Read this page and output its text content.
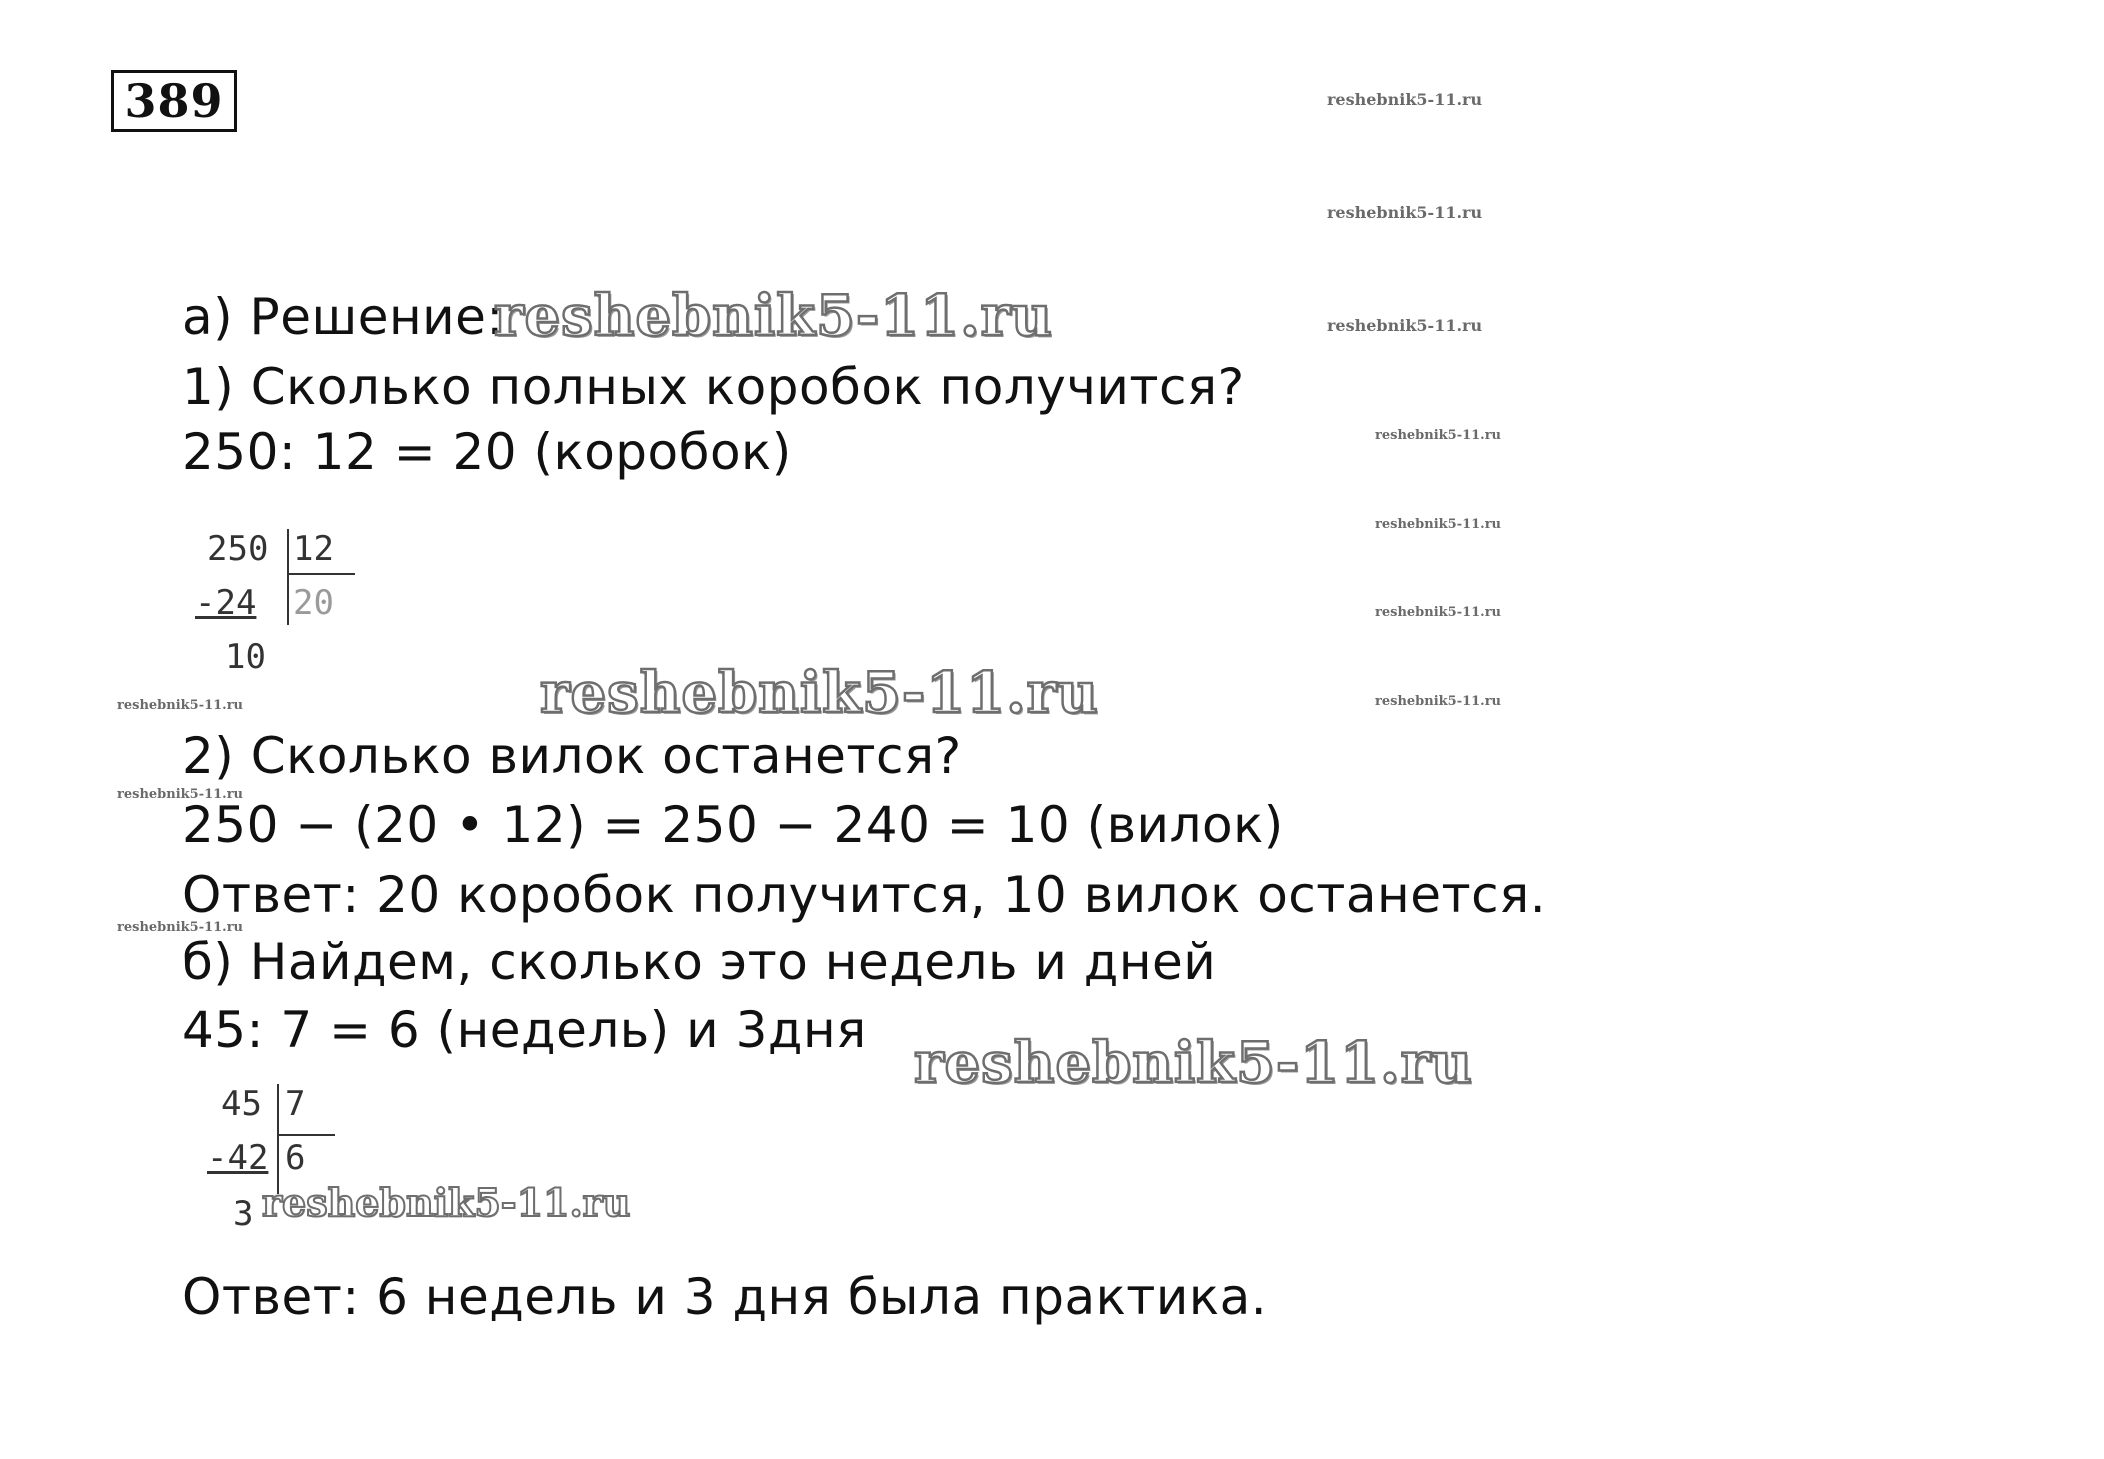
389	reshebnik5-11.ru
reshebnik5-11.ru
reshebnik5-11.ru
reshebnik5-11.ru
reshebnik5-11.ru
reshebnik5-11.ru
reshebnik5-11.ru
reshebnik5-11.ru
reshebnik5-11.ru
reshebnik5-11.ru
а) Решение:
reshebnik5-11.ru
1) Сколько полных коробок получится?
250: 12 = 20 (коробок)
250 12
-24 20
10
reshebnik5-11.ru
2) Сколько вилок останется?
250 − (20 • 12) = 250 − 240 = 10 (вилок)
Ответ: 20 коробок получится, 10 вилок останется.
б) Найдем, сколько это недель и дней
45: 7 = 6 (недель) и 3дня reshebnik5-11.ru
45 7
-42 6
3 reshebnik5-11.ru
Ответ: 6 недель и 3 дня была практика.
